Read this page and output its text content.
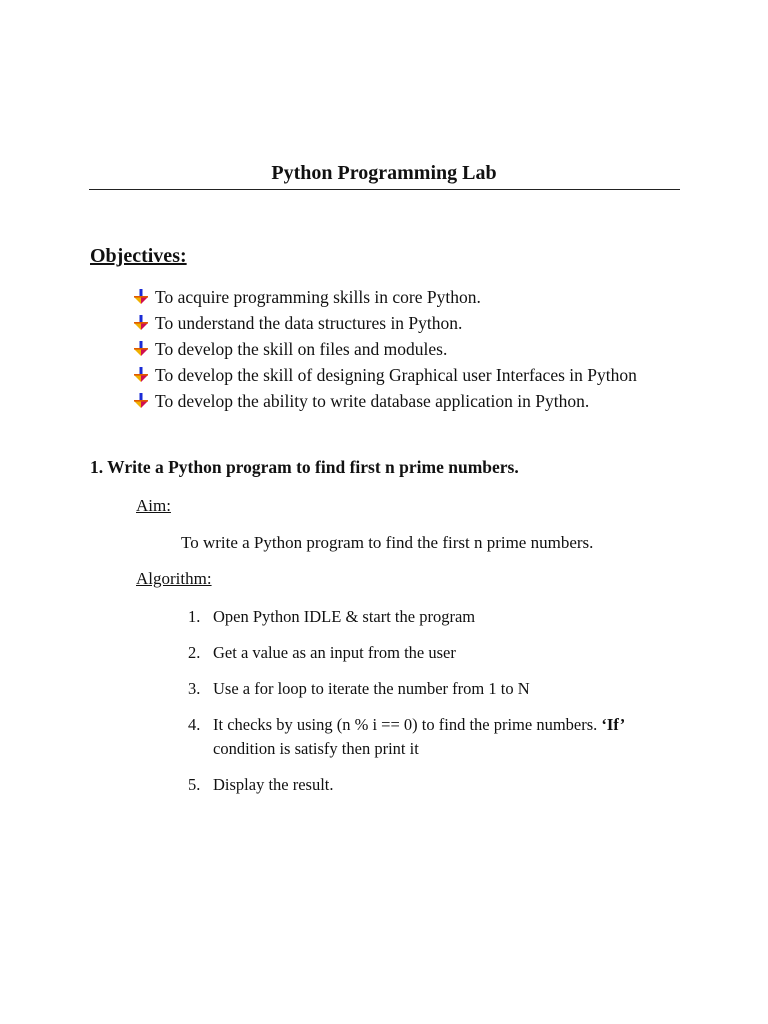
Python Programming Lab
Objectives:
To acquire programming skills in core Python.
To understand the data structures in Python.
To develop the skill on files and modules.
To develop the skill of designing Graphical user Interfaces in Python
To develop the ability to write database application in Python.
1. Write a Python program to find first n prime numbers.
Aim:
To write a Python program to find the first n prime numbers.
Algorithm:
1. Open Python IDLE & start the program
2. Get a value as an input from the user
3. Use a for loop to iterate the number from 1 to N
4. It checks by using (n % i == 0) to find the prime numbers. ‘If’
condition is satisfy then print it
5. Display the result.
